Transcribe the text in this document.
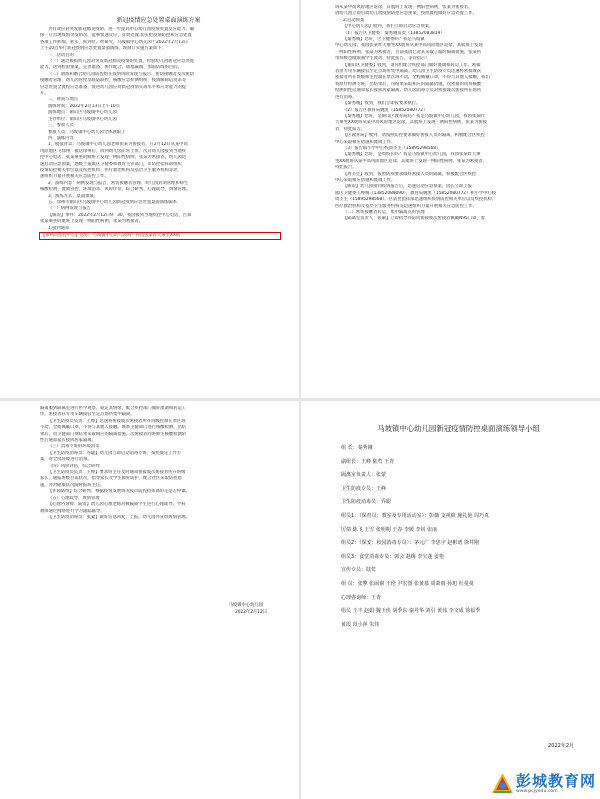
新冠疫情应急处置桌面演练方案
为有效应对突发新冠肺炎疫情，进一步提高中心幼儿园疫情处置反应能力，确
保一旦出现疫情突发情况，能够快速反应，有效处置,切实把疫情防控和应急处置
各项工作抓细、抓实、抓到位。经研究，马坡镇中心幼儿园于2022年2月13日
上午10点举行新冠疫情应急处置桌面演练，现制订实施方案如下：
一、活动目的
（一）通过模拟幼儿园对突发新冠肺炎疫情的处置，检验幼儿园新冠应急处置
能力，达到检验预案、完善准备、协作配合、堵塞漏洞、加固防线的目的。
（二）锻炼和磨合幼儿园防控组在疫情风险发现与报告、密切接触者及次密切
接触者管理、幼儿园管控及联防联控、核酸应急检测组织、疫情解除后消杀等
应急处置全流程应急准备，促进幼儿园应对新冠疫情实战水平和应对能力的提
升。
二、时间与地点
演练时间：2022年2月13日上午10点
演练地点：铜山区马坡镇中心幼儿园
主办单位：铜山区马坡镇中心幼儿园
三、参加人员
参演人员：马坡镇中心幼儿园全体教职工
四、演练内容
1、模拟背景：马坡镇中心幼儿园老师张某为密接者，在2月12日从某中高
风险地区飞徐州，抵达徐州后，回到幼儿园正常上班。次日幼儿园接到当地疾
控中心电话，张某乘坐的航班上发现一例阳性病例，张某为密接者。幼儿园迅
速启动应急预案，逐级上报镇区卫健委和教育主管部门，市防控指挥部组织
疫情防控相关单位以及疾控机构、医疗救治机构及基层卫生服务机构等迅
速组织力量开展相关应急防控工作。
2、演练内容：病例发现与报告、密切接触者管理、幼儿园封闭管理和师生
核酸检测、流调管控、环境消杀、风险评估、综合研判、心理疏导、舆情管理。
3、演练方式：桌面推演。
五、徐州市铜山区马坡镇中心幼儿园新冠疫情应急处置桌面演练脚本
（一）病例发现与报告
【解说】事件：2022年2月12日9：30，我园接到当地疾控中心电话，告知
张某乘坐的航班上发现一例阳性病例，张某为密接者。
1.接到通知
【徐州市疾控中心】您好，马坡镇中心幼儿园吗？你园张某昨天乘坐XX航
班从某中高风险地区返徐，其航班上发现一例阳性病例，张某为密接者。
请幼儿园立即启动幼儿园疫情防控应急预案，按照流程做好应急处置工作。
2.启动预案
【中心幼儿园】收到，我们立即启动应急预案。
（1）报告区卫健委：秦秀娥负责（13852083819）
【秦秀娥】您好，区卫健委吗？我是马坡镇
中心幼儿园，我园张某昨天乘坐XX航班从某中高风险地区返徐，其航班上发现
一例阳性病例，张某为密接者，目前我园已对其采取了临时隔离措施，张某所
带班级也做限制学生流动、特此报告，等待指示！
【铜山区卫健委】收到，请你们配合疾控部门做好流调和转运工作。密接
者由专用车辆接驳至定点场所集中隔离。幼儿园卫生防疫专员迅速将密接或次
密接者所在班级师生控制在原区域不动，全程佩戴口罩，不得与其他人接触。我们
将派疗检测专班，出结果后，司结果采取相应的隔离措施。次密接的同班核酸
检测阴性后通知家长接回居家隔离。幼儿园消毒专员对密接或次密接所在场所
进行消毒。
【秦秀娥】收到，我们立即按要求执行。
（2）报告区教育局姚凯（15852080772）
【秦秀娥】您好，是铜山区教育局吗？我是马坡镇中心幼儿园，我园张某昨
天乘坐XX航班从某中高风险地区返徐，其航班上发现一例阳性病例，张某为密接
者，特此报告。
【区教育局】收到，请按照防控要求做好密接人员的隔离，积极配合区疾控
中心采取相应措施和流调工作。
（3）报告镇小学中心校周圣生（15895298568）
【秦秀娥】您好，是周校长吗？我是马坡镇中心幼儿园，我园张某昨天乘
坐XX航班从某中高风险地区返徐，其航班上发现一例阳性病例，张某为密接者，
特此报告。
【周圣生】收到，按照防疫要求做好密接人员的隔离，积极配合区疾控
中心采取相应措施和流调工作。
【解说】幼儿园接到疫情报告后，迅速启动应急预案，园长立即上报
辖区卫健委王峥梅（13852089090），教育局姚凯（15852080772）和小学中心校
周圣生（15895298568）。区防控指挥部迅速组织疫情防控相关单位以及疾控机构、
医疗救治机构及基层卫生服务机构等迅速组织力量开展相关应急防控工作。
（二）密切接触者转运、集中隔离点的管理
【隔离室负责人：张蒙】立即指导并陪同密接或次密接者佩戴N95口罩、着
隔离服到隔离室进行医学观察，稳定其情绪，配合疾控部门做好流调和转运工
作，密接者在专用车辆接驳至定点场所集中隔离。
【卫生防疫员负责：王峥】迅速将密接或次密接者所在班级控制在原区域
不动，全程佩戴口罩，不得与其他人接触。联系卫健部门进行核酸检测，出结
果后，由卫健部门视结果采取相应的隔离措施。次密接者同班师生核酸检测阴
性后通知家长接回居家隔离。
（三）消毒专班的环境消杀
【卫生防疫消毒员：乔聪】幼儿园立即启动消毒专班，按照规定工作方
案，对全园环境进行消毒。
（四）风险评估，综合研判
【卫生防疫员负责：王峥】要求班主任及时通知密接或次密接者所在班级
家长，通报班级目前状况，指导家长及学生做好防护，配合社区采取防控措
施，并对健康状况随时报班主任。
【作园防组】综合研判，根据疫情发展情况按市防控指挥部审定是否停课。
（五）心理疏导，舆情管理
【心理咨询师：陆莺】幼儿园心理老师对被隔离学生进行心理疏导。学科
教师通过网络进行学习跟踪辅导。
【卫生防疫消毒员：张蒙】做好信息回复、上报。幼儿园外宣组舆情管理。
马坡镇中心幼儿园
2022年2月12日
马坡镇中心幼儿园新冠疫情防控桌面演练领导小组
组 长：秦秀娥
副组长：王峥 陆莺 王青
隔离室负责人：张蒙
卫生防疫专员：王峥
卫生防疫消毒员：乔聪
组员1：（保育员：教室及专用活动室）：彭薇 支视筱 施礼艳 周巧真
厉倩 陈飞 王雪 张明明 王春 李媛 李钊 张丽
组员2：（保安：校园消毒专员）：茅元广 李思宇 赵彬谱 徐井刚
组员3：食堂消毒专员：郭会 赵梅 李宝蓬 姜艳
宣传专员：陆莺
组 员：张擎 张闹谢 王伦 尹宏图 张黄慕 周萧雨 孙旭 杜曼曼
心理咨询师：王青
组员 王丰 赵娟 魏玉侠 胡季东 秦丹华 刘引 黄伟 李文成 徐福季
黄霞 段小萍 朱伟
2022年2月
彭城教育网
www.pcjyedu.com
